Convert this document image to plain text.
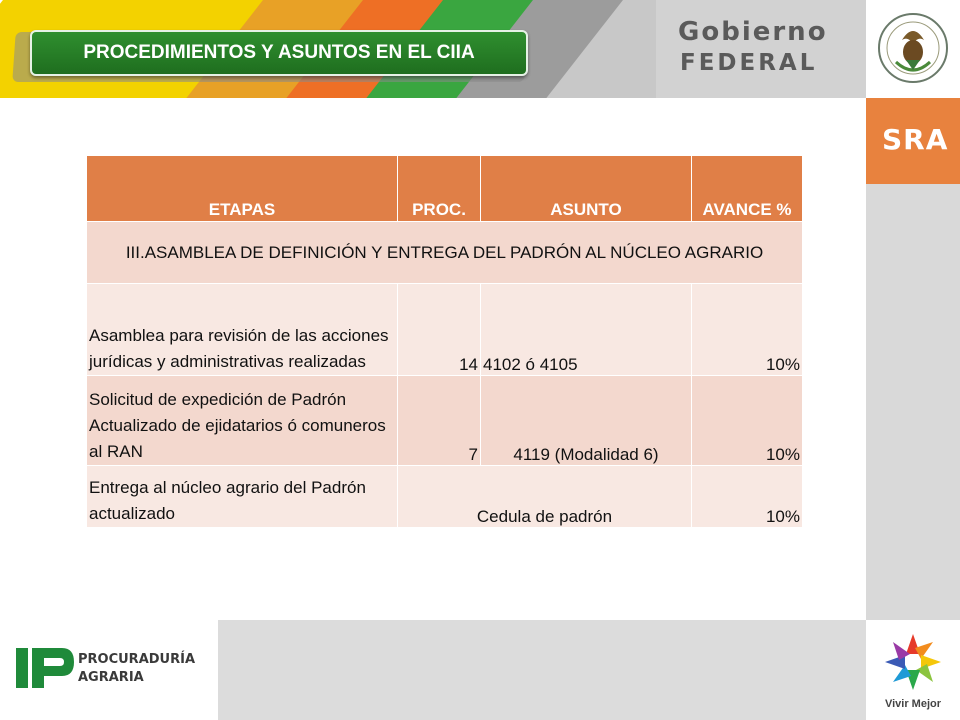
Gobierno
FEDERAL
SRA
Vivir Mejor
PROCEDIMIENTOS Y ASUNTOS EN EL CIIA
ETAPAS	PROC.	ASUNTO	AVANCE %
III.ASAMBLEA DE DEFINICIÓN Y ENTREGA DEL PADRÓN AL NÚCLEO AGRARIO			
Asamblea para revisión de las acciones jurídicas y administrativas realizadas	14	4102 ó 4105	10%
Solicitud de expedición de Padrón Actualizado de ejidatarios ó comuneros al RAN	7	4119 (Modalidad 6)	10%
Entrega al núcleo agrario del Padrón actualizado	Cedula de padrón		10%
PROCURADURÍA
AGRARIA
